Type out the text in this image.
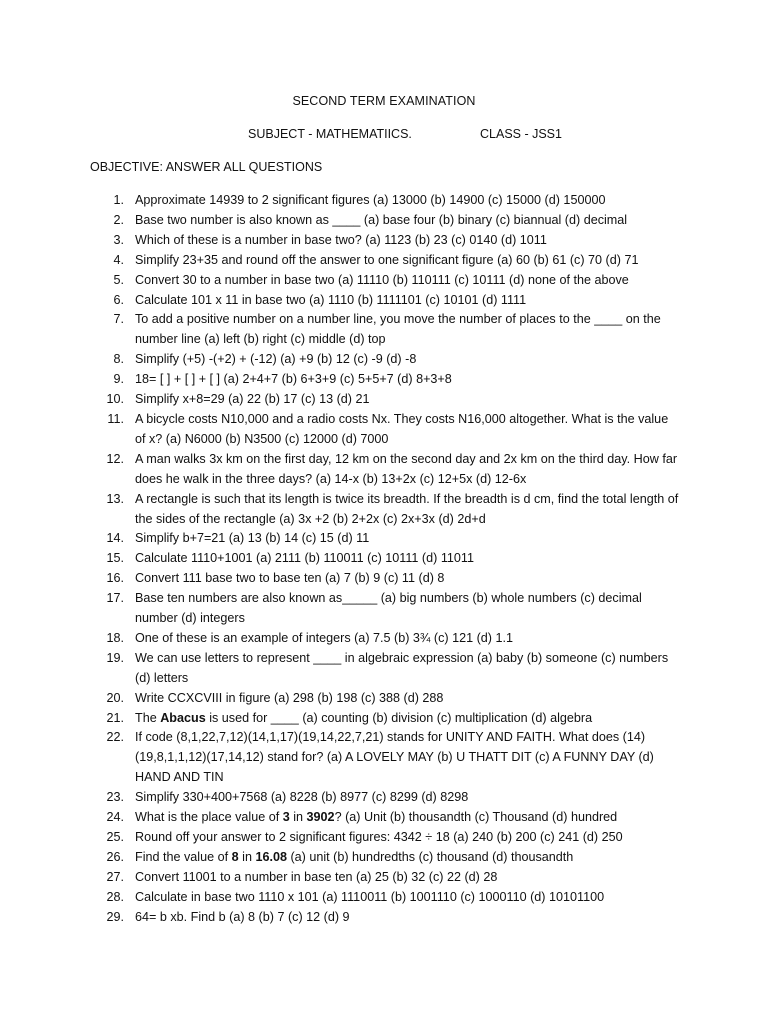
SECOND TERM EXAMINATION
SUBJECT - MATHEMATIICS.	CLASS - JSS1
OBJECTIVE: ANSWER ALL QUESTIONS
1. Approximate 14939 to 2 significant figures (a) 13000 (b) 14900 (c) 15000 (d) 150000
2. Base two number is also known as ____ (a) base four (b) binary (c) biannual (d) decimal
3. Which of these is a number in base two? (a) 1123 (b) 23 (c) 0140 (d) 1011
4. Simplify 23+35 and round off the answer to one significant figure (a) 60 (b) 61 (c) 70 (d) 71
5. Convert 30 to a number in base two (a) 11110 (b) 110111 (c) 10111 (d) none of the above
6. Calculate 101 x 11 in base two (a) 1110 (b) 1111101 (c) 10101 (d) 1111
7. To add a positive number on a number line, you move the number of places to the ____ on the number line (a) left (b) right (c) middle (d) top
8. Simplify (+5) -(+2) + (-12) (a) +9 (b) 12 (c) -9 (d) -8
9. 18= [ ] + [ ] + [ ] (a) 2+4+7 (b) 6+3+9 (c) 5+5+7 (d) 8+3+8
10. Simplify x+8=29 (a) 22 (b) 17 (c) 13 (d) 21
11. A bicycle costs N10,000 and a radio costs Nx. They costs N16,000 altogether. What is the value of x? (a) N6000 (b) N3500 (c) 12000 (d) 7000
12. A man walks 3x km on the first day, 12 km on the second day and 2x km on the third day. How far does he walk in the three days? (a) 14-x (b) 13+2x (c) 12+5x (d) 12-6x
13. A rectangle is such that its length is twice its breadth. If the breadth is d cm, find the total length of the sides of the rectangle (a) 3x +2 (b) 2+2x (c) 2x+3x (d) 2d+d
14. Simplify b+7=21 (a) 13 (b) 14 (c) 15 (d) 11
15. Calculate 1110+1001 (a) 2111 (b) 110011 (c) 10111 (d) 11011
16. Convert 111 base two to base ten (a) 7 (b) 9 (c) 11 (d) 8
17. Base ten numbers are also known as_____ (a) big numbers (b) whole numbers (c) decimal number (d) integers
18. One of these is an example of integers (a) 7.5 (b) 3¾ (c) 121 (d) 1.1
19. We can use letters to represent ____ in algebraic expression (a) baby (b) someone (c) numbers (d) letters
20. Write CCXCVIII in figure (a) 298 (b) 198 (c) 388 (d) 288
21. The Abacus is used for ____ (a) counting (b) division (c) multiplication (d) algebra
22. If code (8,1,22,7,12)(14,1,17)(19,14,22,7,21) stands for UNITY AND FAITH. What does (14)(19,8,1,1,12)(17,14,12) stand for? (a) A LOVELY MAY (b) U THATT DIT (c) A FUNNY DAY (d) HAND AND TIN
23. Simplify 330+400+7568 (a) 8228 (b) 8977 (c) 8299 (d) 8298
24. What is the place value of 3 in 3902? (a) Unit (b) thousandth (c) Thousand (d) hundred
25. Round off your answer to 2 significant figures: 4342 ÷ 18 (a) 240 (b) 200 (c) 241 (d) 250
26. Find the value of 8 in 16.08 (a) unit (b) hundredths (c) thousand (d) thousandth
27. Convert 11001 to a number in base ten (a) 25 (b) 32 (c) 22 (d) 28
28. Calculate in base two 1110 x 101 (a) 1110011 (b) 1001110 (c) 1000110 (d) 10101100
29. 64= b xb. Find b (a) 8 (b) 7 (c) 12 (d) 9
